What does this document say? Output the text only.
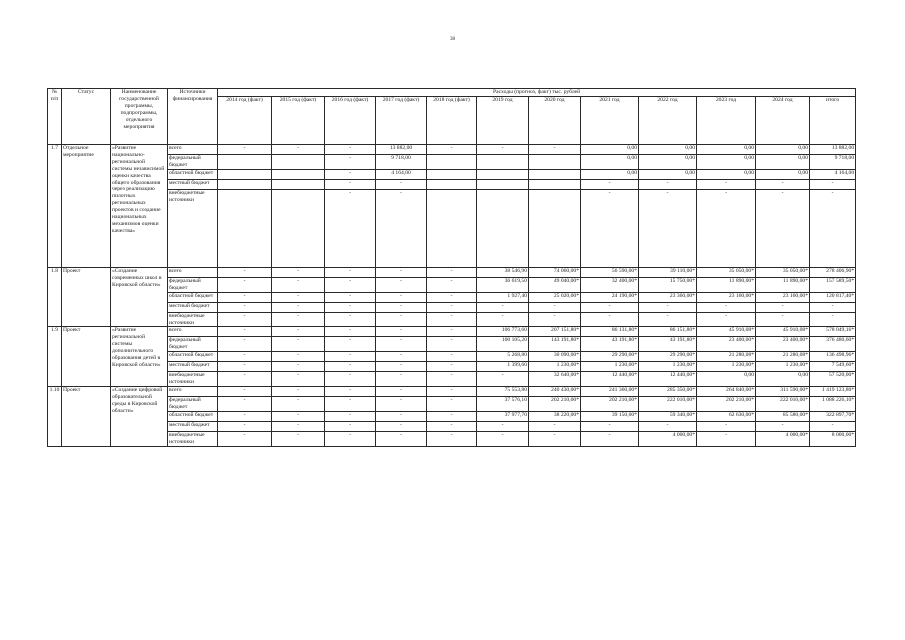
38
№ п/п	Статус	Наименование государственной программы, подпрограммы, отдельного мероприятия	Источники финансирования	Расходы (прогноз, факт) тыс. рублей											
				2014 год (факт)	2015 год (факт)	2016 год (факт)	2017 год (факт)	2018 год (факт)	2019 год	2020 год	2021 год	2022 год	2023 год	2024 год	итого
1.7	Отдельное мероприятие	«Развитие национально-региональной системы независимой оценки качества общего образования через реализацию пилотных региональных проектов и создание национальных механизмов оценки качества»	всего	-	-	-	13 882,00	-	-	-	0,00	0,00	0,00	0,00	13 882,00
			федеральный бюджет			-	9 718,00				0,00	0,00	0,00	0,00	9 718,00
			областной бюджет			-	4 164,00				0,00	0,00	0,00	0,00	4 164,00
			местный бюджет			-	-				-	-	-	-	-
			внебюджетные источники			-	-				-	-	-	-	-
1.8	Проект	«Создание современных школ в Кировской области»	всего	-	-	-	-	-	38 546,90	74 060,00*	56 590,00*	39 110,00*	35 050,00*	35 050,00*	278 406,90*
			федеральный бюджет	-	-	-	-	-	36 619,50	49 040,00*	32 400,00*	15 750,00*	11 890,00*	11 890,00*	157 589,50*
			областной бюджет	-	-	-	-	-	1 927,40	25 020,00*	24 190,00*	23 360,00*	23 160,00*	23 160,00*	120 817,40*
			местный бюджет	-	-	-	-	-	-	-	-	-	-	-	-
			внебюджетные источники	-	-	-	-	-	-	-	-	-	-	-	-
1.9	Проект	«Развитие региональной системы дополнительного образования детей в Кировской области»	всего	-	-	-	-	-	106 773,60	207 151,80*	86 131,80*	86 151,80*	45 910,08*	45 910,08*	578 049,16*
			федеральный бюджет	-	-	-	-	-	100 105,20	143 191,80*	43 191,80*	43 191,80*	23 400,00*	23 400,00*	376 480,60*
			областной бюджет	-	-	-	-	-	5 268,80	30 090,00*	29 290,00*	29 290,00*	21 280,08*	21 280,08*	136 498,96*
			местный бюджет	-	-	-	-	-	1 399,60	1 230,00*	1 230,00*	1 230,00*	1 230,00*	1 230,00*	7 549,60*
			внебюджетные источники	-	-	-	-	-	-	32 640,00*	12 440,00*	12 440,00*	0,00	0,00	57 520,00*
1.10	Проект	«Создание цифровой образовательной среды в Кировской области»	всего	-	-	-	-	-	75 553,80	240 430,00*	241 360,00*	285 350,00*	264 840,00*	311 590,00*	1 419 123,80*
			федеральный бюджет	-	-	-	-	-	37 576,10	202 210,00*	202 210,00*	222 010,00*	202 210,00*	222 010,00*	1 088 226,10*
			областной бюджет	-	-	-	-	-	37 977,70	38 220,00*	39 150,00*	59 340,00*	62 630,00*	85 580,00*	322 897,70*
			местный бюджет	-	-	-	-	-	-	-	-	-	-	-	-
			внебюджетные источники	-	-	-	-	-	-	-	-	4 000,00*	-	4 000,00*	8 000,00*
